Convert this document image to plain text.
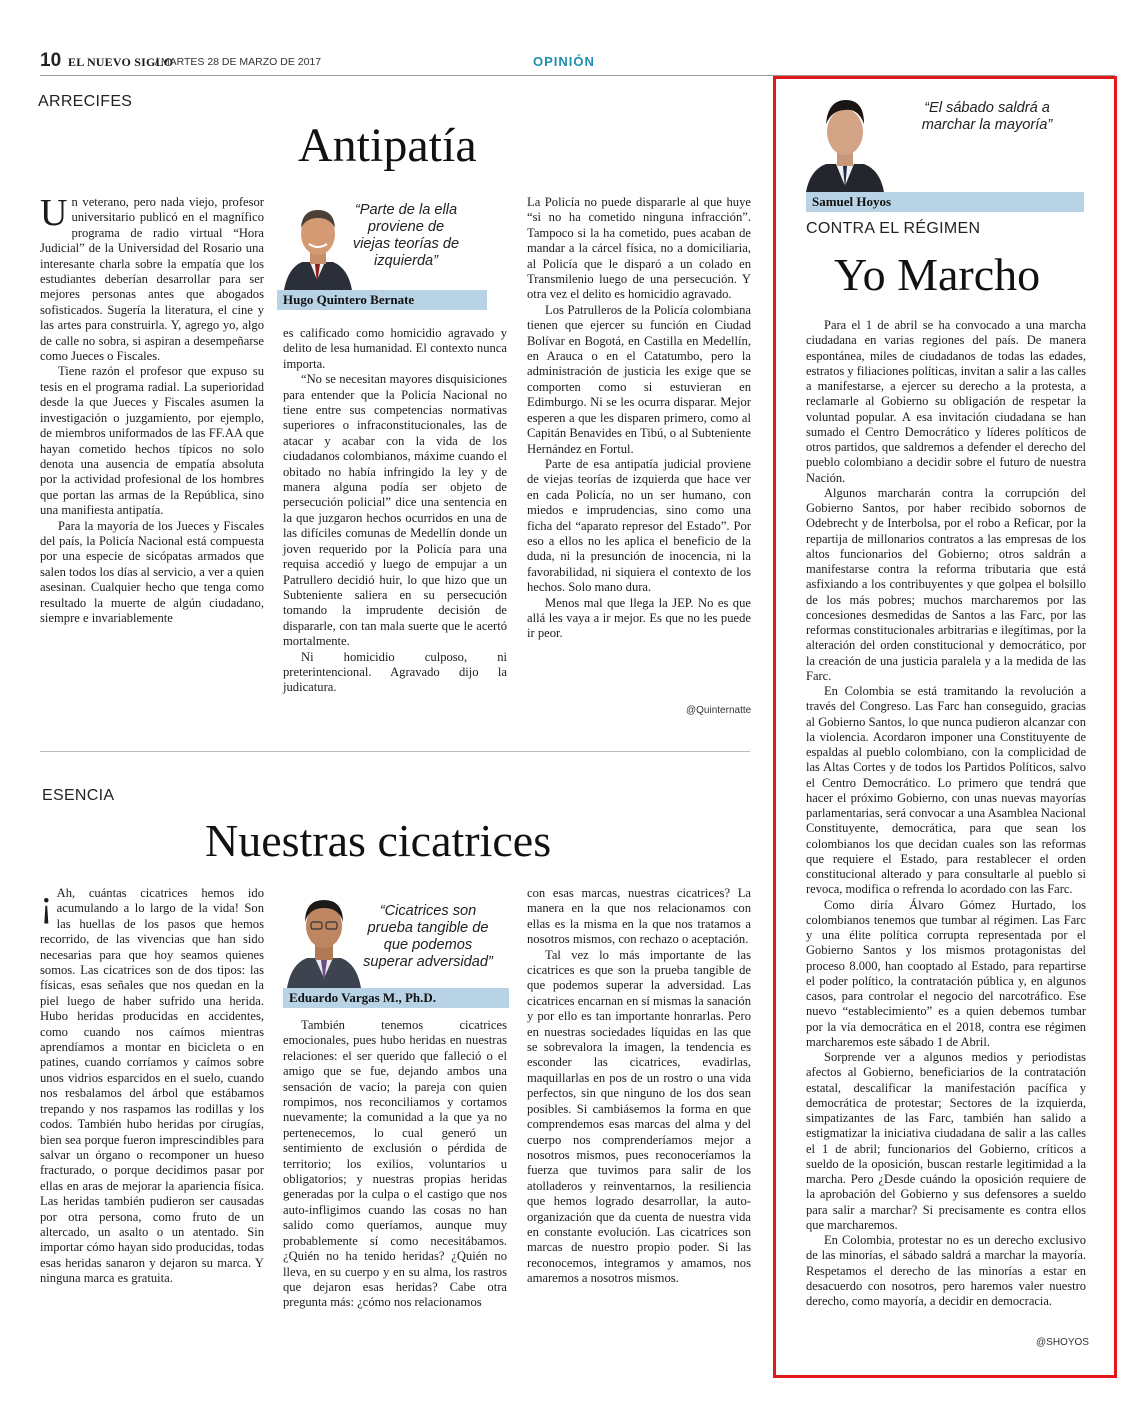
10 EL NUEVO SIGLO
/ MARTES 28 DE MARZO DE 2017	OPINIÓN
ARRECIFES
Antipatía

Un veterano, pero nada viejo, profesor universitario publicó en el magnífico programa de radio virtual “Hora Judicial” de la Universidad del Rosario una interesante charla sobre la empatía que los estudiantes deberían desarrollar para ser mejores personas antes que abogados sofisticados. Sugería la literatura, el cine y las artes para construirla. Y, agrego yo, algo de calle no sobra, si aspiran a desempeñarse como Jueces o Fiscales.

Tiene razón el profesor que expuso su tesis en el programa radial. La superioridad desde la que Jueces y Fiscales asumen la investigación o juzgamiento, por ejemplo, de miembros uniformados de las FF.AA que hayan cometido hechos típicos no solo denota una ausencia de empatía absoluta por la actividad profesional de los hombres que portan las armas de la República, sino una manifiesta antipatía.

Para la mayoría de los Jueces y Fiscales del país, la Policía Nacional está compuesta por una especie de sicópatas armados que salen todos los días al servicio, a ver a quien asesinan. Cualquier hecho que tenga como resultado la muerte de algún ciudadano, siempre e invariablemente

“Parte de la ella proviene de viejas teorías de izquierda”
Hugo Quintero Bernate

es calificado como homicidio agravado y delito de lesa humanidad. El contexto nunca importa.

“No se necesitan mayores disquisiciones para entender que la Policía Nacional no tiene entre sus competencias normativas superiores o infraconstitucionales, las de atacar y acabar con la vida de los ciudadanos colombianos, máxime cuando el obitado no había infringido la ley y de manera alguna podía ser objeto de persecución policial” dice una sentencia en la que juzgaron hechos ocurridos en una de las difíciles comunas de Medellín donde un joven requerido por la Policía para una requisa accedió y luego de empujar a un Patrullero decidió huir, lo que hizo que un Subteniente saliera en su persecución tomando la imprudente decisión de dispararle, con tan mala suerte que le acertó mortalmente.

Ni homicidio culposo, ni preterintencional. Agravado dijo la judicatura.

La Policía no puede dispararle al que huye “si no ha cometido ninguna infracción”. Tampoco si la ha cometido, pues acaban de mandar a la cárcel física, no a domiciliaria, al Policía que le disparó a un colado en Transmilenio luego de una persecución. Y otra vez el delito es homicidio agravado.

Los Patrulleros de la Policía colombiana tienen que ejercer su función en Ciudad Bolívar en Bogotá, en Castilla en Medellín, en Arauca o en el Catatumbo, pero la administración de justicia les exige que se comporten como si estuvieran en Edimburgo. Ni se les ocurra disparar. Mejor esperen a que les disparen primero, como al Capitán Benavides en Tibú, o al Subteniente Hernández en Fortul.

Parte de esa antipatía judicial proviene de viejas teorías de izquierda que hace ver en cada Policía, no un ser humano, con miedos e imprudencias, sino como una ficha del “aparato represor del Estado”. Por eso a ellos no les aplica el beneficio de la duda, ni la presunción de inocencia, ni la favorabilidad, ni siquiera el contexto de los hechos. Solo mano dura.

Menos mal que llega la JEP. No es que allá les vaya a ir mejor. Es que no les puede ir peor.

@Quinternatte
ESENCIA
Nuestras cicatrices

¡ Ah, cuántas cicatrices hemos ido acumulando a lo largo de la vida! Son las huellas de los pasos que hemos recorrido, de las vivencias que han sido necesarias para que hoy seamos quienes somos. Las cicatrices son de dos tipos: las físicas, esas señales que nos quedan en la piel luego de haber sufrido una herida. Hubo heridas producidas en accidentes, como cuando nos caímos mientras aprendíamos a montar en bicicleta o en patines, cuando corríamos y caímos sobre unos vidrios esparcidos en el suelo, cuando nos resbalamos del árbol que estábamos trepando y nos raspamos las rodillas y los codos. También hubo heridas por cirugías, bien sea porque fueron imprescindibles para salvar un órgano o recomponer un hueso fracturado, o porque decidimos pasar por ellas en aras de mejorar la apariencia física. Las heridas también pudieron ser causadas por otra persona, como fruto de un altercado, un asalto o un atentado. Sin importar cómo hayan sido producidas, todas esas heridas sanaron y dejaron su marca. Y ninguna marca es gratuita.

“Cicatrices son prueba tangible de que podemos superar adversidad”
Eduardo Vargas M., Ph.D.

También tenemos cicatrices emocionales, pues hubo heridas en nuestras relaciones: el ser querido que falleció o el amigo que se fue, dejando ambos una sensación de vacío; la pareja con quien rompimos, nos reconciliamos y cortamos nuevamente; la comunidad a la que ya no pertenecemos, lo cual generó un sentimiento de exclusión o pérdida de territorio; los exilios, voluntarios u obligatorios; y nuestras propias heridas generadas por la culpa o el castigo que nos auto-infligimos cuando las cosas no han salido como queríamos, aunque muy probablemente sí como necesitábamos. ¿Quién no ha tenido heridas? ¿Quién no lleva, en su cuerpo y en su alma, los rastros que dejaron esas heridas? Cabe otra pregunta más: ¿cómo nos relacionamos

con esas marcas, nuestras cicatrices? La manera en la que nos relacionamos con ellas es la misma en la que nos tratamos a nosotros mismos, con rechazo o aceptación.

Tal vez lo más importante de las cicatrices es que son la prueba tangible de que podemos superar la adversidad. Las cicatrices encarnan en sí mismas la sanación y por ello es tan importante honrarlas. Pero en nuestras sociedades líquidas en las que se sobrevalora la imagen, la tendencia es esconder las cicatrices, evadirlas, maquillarlas en pos de un rostro o una vida perfectos, sin que ninguno de los dos sean posibles. Si cambiásemos la forma en que comprendemos esas marcas del alma y del cuerpo nos comprenderíamos mejor a nosotros mismos, pues reconoceríamos la fuerza que tuvimos para salir de los atolladeros y reinventarnos, la resiliencia que hemos logrado desarrollar, la auto-organización que da cuenta de nuestra vida en constante evolución. Las cicatrices son marcas de nuestro propio poder. Si las reconocemos, integramos y amamos, nos amaremos a nosotros mismos.

“El sábado saldrá a marchar la mayoría”
Samuel Hoyos
CONTRA EL RÉGIMEN
Yo Marcho

Para el 1 de abril se ha convocado a una marcha ciudadana en varias regiones del país. De manera espontánea, miles de ciudadanos de todas las edades, estratos y filiaciones políticas, invitan a salir a las calles a manifestarse, a ejercer su derecho a la protesta, a reclamarle al Gobierno su obligación de respetar la voluntad popular. A esa invitación ciudadana se han sumado el Centro Democrático y líderes políticos de otros partidos, que saldremos a defender el derecho del pueblo colombiano a decidir sobre el futuro de nuestra Nación.

Algunos marcharán contra la corrupción del Gobierno Santos, por haber recibido sobornos de Odebrecht y de Interbolsa, por el robo a Reficar, por la repartija de millonarios contratos a las empresas de los altos funcionarios del Gobierno; otros saldrán a manifestarse contra la reforma tributaria que está asfixiando a los contribuyentes y que golpea el bolsillo de los más pobres; muchos marcharemos por las concesiones desmedidas de Santos a las Farc, por las reformas constitucionales arbitrarias e ilegítimas, por la alteración del orden constitucional y democrático, por la creación de una justicia paralela y a la medida de las Farc.

En Colombia se está tramitando la revolución a través del Congreso. Las Farc han conseguido, gracias al Gobierno Santos, lo que nunca pudieron alcanzar con la violencia. Acordaron imponer una Constituyente de espaldas al pueblo colombiano, con la complicidad de las Altas Cortes y de todos los Partidos Políticos, salvo el Centro Democrático. Lo primero que tendrá que hacer el próximo Gobierno, con unas nuevas mayorías parlamentarias, será convocar a una Asamblea Nacional Constituyente, democrática, para que sean los colombianos los que decidan cuales son las reformas que requiere el Estado, para restablecer el orden constitucional alterado y para consultarle al pueblo si revoca, modifica o refrenda lo acordado con las Farc.

Como diría Álvaro Gómez Hurtado, los colombianos tenemos que tumbar al régimen. Las Farc y una élite política corrupta representada por el Gobierno Santos y los mismos protagonistas del proceso 8.000, han cooptado al Estado, para repartirse el poder político, la contratación pública y, en algunos casos, para controlar el negocio del narcotráfico. Ese nuevo “establecimiento” es a quien debemos tumbar por la vía democrática en el 2018, contra ese régimen marcharemos este sábado 1 de Abril.

Sorprende ver a algunos medios y periodistas afectos al Gobierno, beneficiarios de la contratación estatal, descalificar la manifestación pacífica y democrática de protestar; Sectores de la izquierda, simpatizantes de las Farc, también han salido a estigmatizar la iniciativa ciudadana de salir a las calles el 1 de abril; funcionarios del Gobierno, críticos a sueldo de la oposición, buscan restarle legitimidad a la marcha. Pero ¿Desde cuándo la oposición requiere de la aprobación del Gobierno y sus defensores a sueldo para salir a marchar? Si precisamente es contra ellos que marcharemos.

En Colombia, protestar no es un derecho exclusivo de las minorías, el sábado saldrá a marchar la mayoría. Respetamos el derecho de las minorías a estar en desacuerdo con nosotros, pero haremos valer nuestro derecho, como mayoría, a decidir en democracia.

@SHOYOS
